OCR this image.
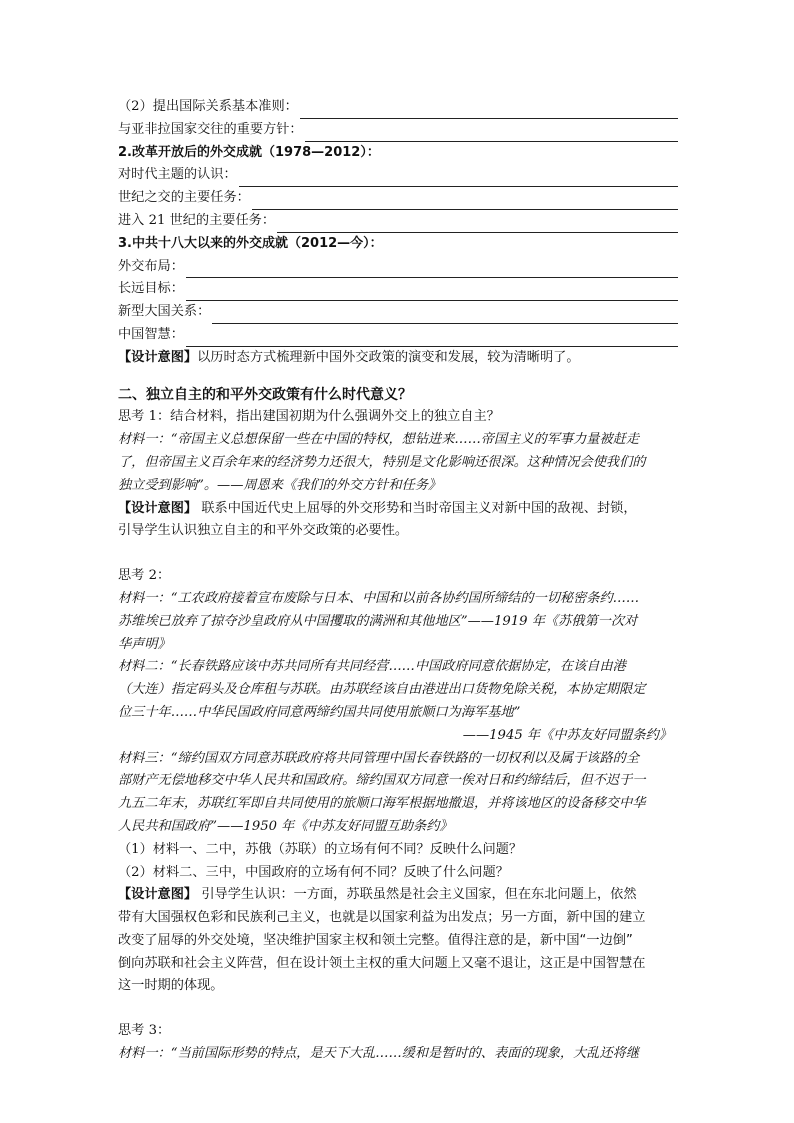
（2）提出国际关系基本准则：
与亚非拉国家交往的重要方针：
2.改革开放后的外交成就（1978—2012）：
对时代主题的认识：
世纪之交的主要任务：
进入 21 世纪的主要任务：
3.中共十八大以来的外交成就（2012—今）：
外交布局：
长远目标：
新型大国关系：
中国智慧：
【设计意图】以历时态方式梳理新中国外交政策的演变和发展，较为清晰明了。
二、独立自主的和平外交政策有什么时代意义？
思考 1：结合材料，指出建国初期为什么强调外交上的独立自主？
材料一：“帝国主义总想保留一些在中国的特权，想钻进来……帝国主义的军事力量被赶走
了，但帝国主义百余年来的经济势力还很大，特别是文化影响还很深。这种情况会使我们的
独立受到影响”。——周恩来《我们的外交方针和任务》
【设计意图】 联系中国近代史上屈辱的外交形势和当时帝国主义对新中国的敌视、封锁，
引导学生认识独立自主的和平外交政策的必要性。
思考 2：
材料一：“工农政府接着宣布废除与日本、中国和以前各协约国所缔结的一切秘密条约……
苏维埃已放弃了掠夺沙皇政府从中国攫取的满洲和其他地区”——1919 年《苏俄第一次对
华声明》
材料二：“长春铁路应该中苏共同所有共同经营……中国政府同意依据协定，在该自由港
（大连）指定码头及仓库租与苏联。由苏联经该自由港进出口货物免除关税，本协定期限定
位三十年……中华民国政府同意两缔约国共同使用旅顺口为海军基地”
——1945 年《中苏友好同盟条约》
材料三：“缔约国双方同意苏联政府将共同管理中国长春铁路的一切权利以及属于该路的全
部财产无偿地移交中华人民共和国政府。缔约国双方同意一俟对日和约缔结后，但不迟于一
九五二年末，苏联红军即自共同使用的旅顺口海军根据地撤退，并将该地区的设备移交中华
人民共和国政府”——1950 年《中苏友好同盟互助条约》
（1）材料一、二中，苏俄（苏联）的立场有何不同？反映什么问题？
（2）材料二、三中，中国政府的立场有何不同？反映了什么问题？
【设计意图】 引导学生认识：一方面，苏联虽然是社会主义国家，但在东北问题上，依然
带有大国强权色彩和民族利己主义，也就是以国家利益为出发点；另一方面，新中国的建立
改变了屈辱的外交处境，坚决维护国家主权和领土完整。值得注意的是，新中国“一边倒”
倒向苏联和社会主义阵营，但在设计领土主权的重大问题上又毫不退让，这正是中国智慧在
这一时期的体现。
思考 3：
材料一：“当前国际形势的特点，是天下大乱……缓和是暂时的、表面的现象，大乱还将继
